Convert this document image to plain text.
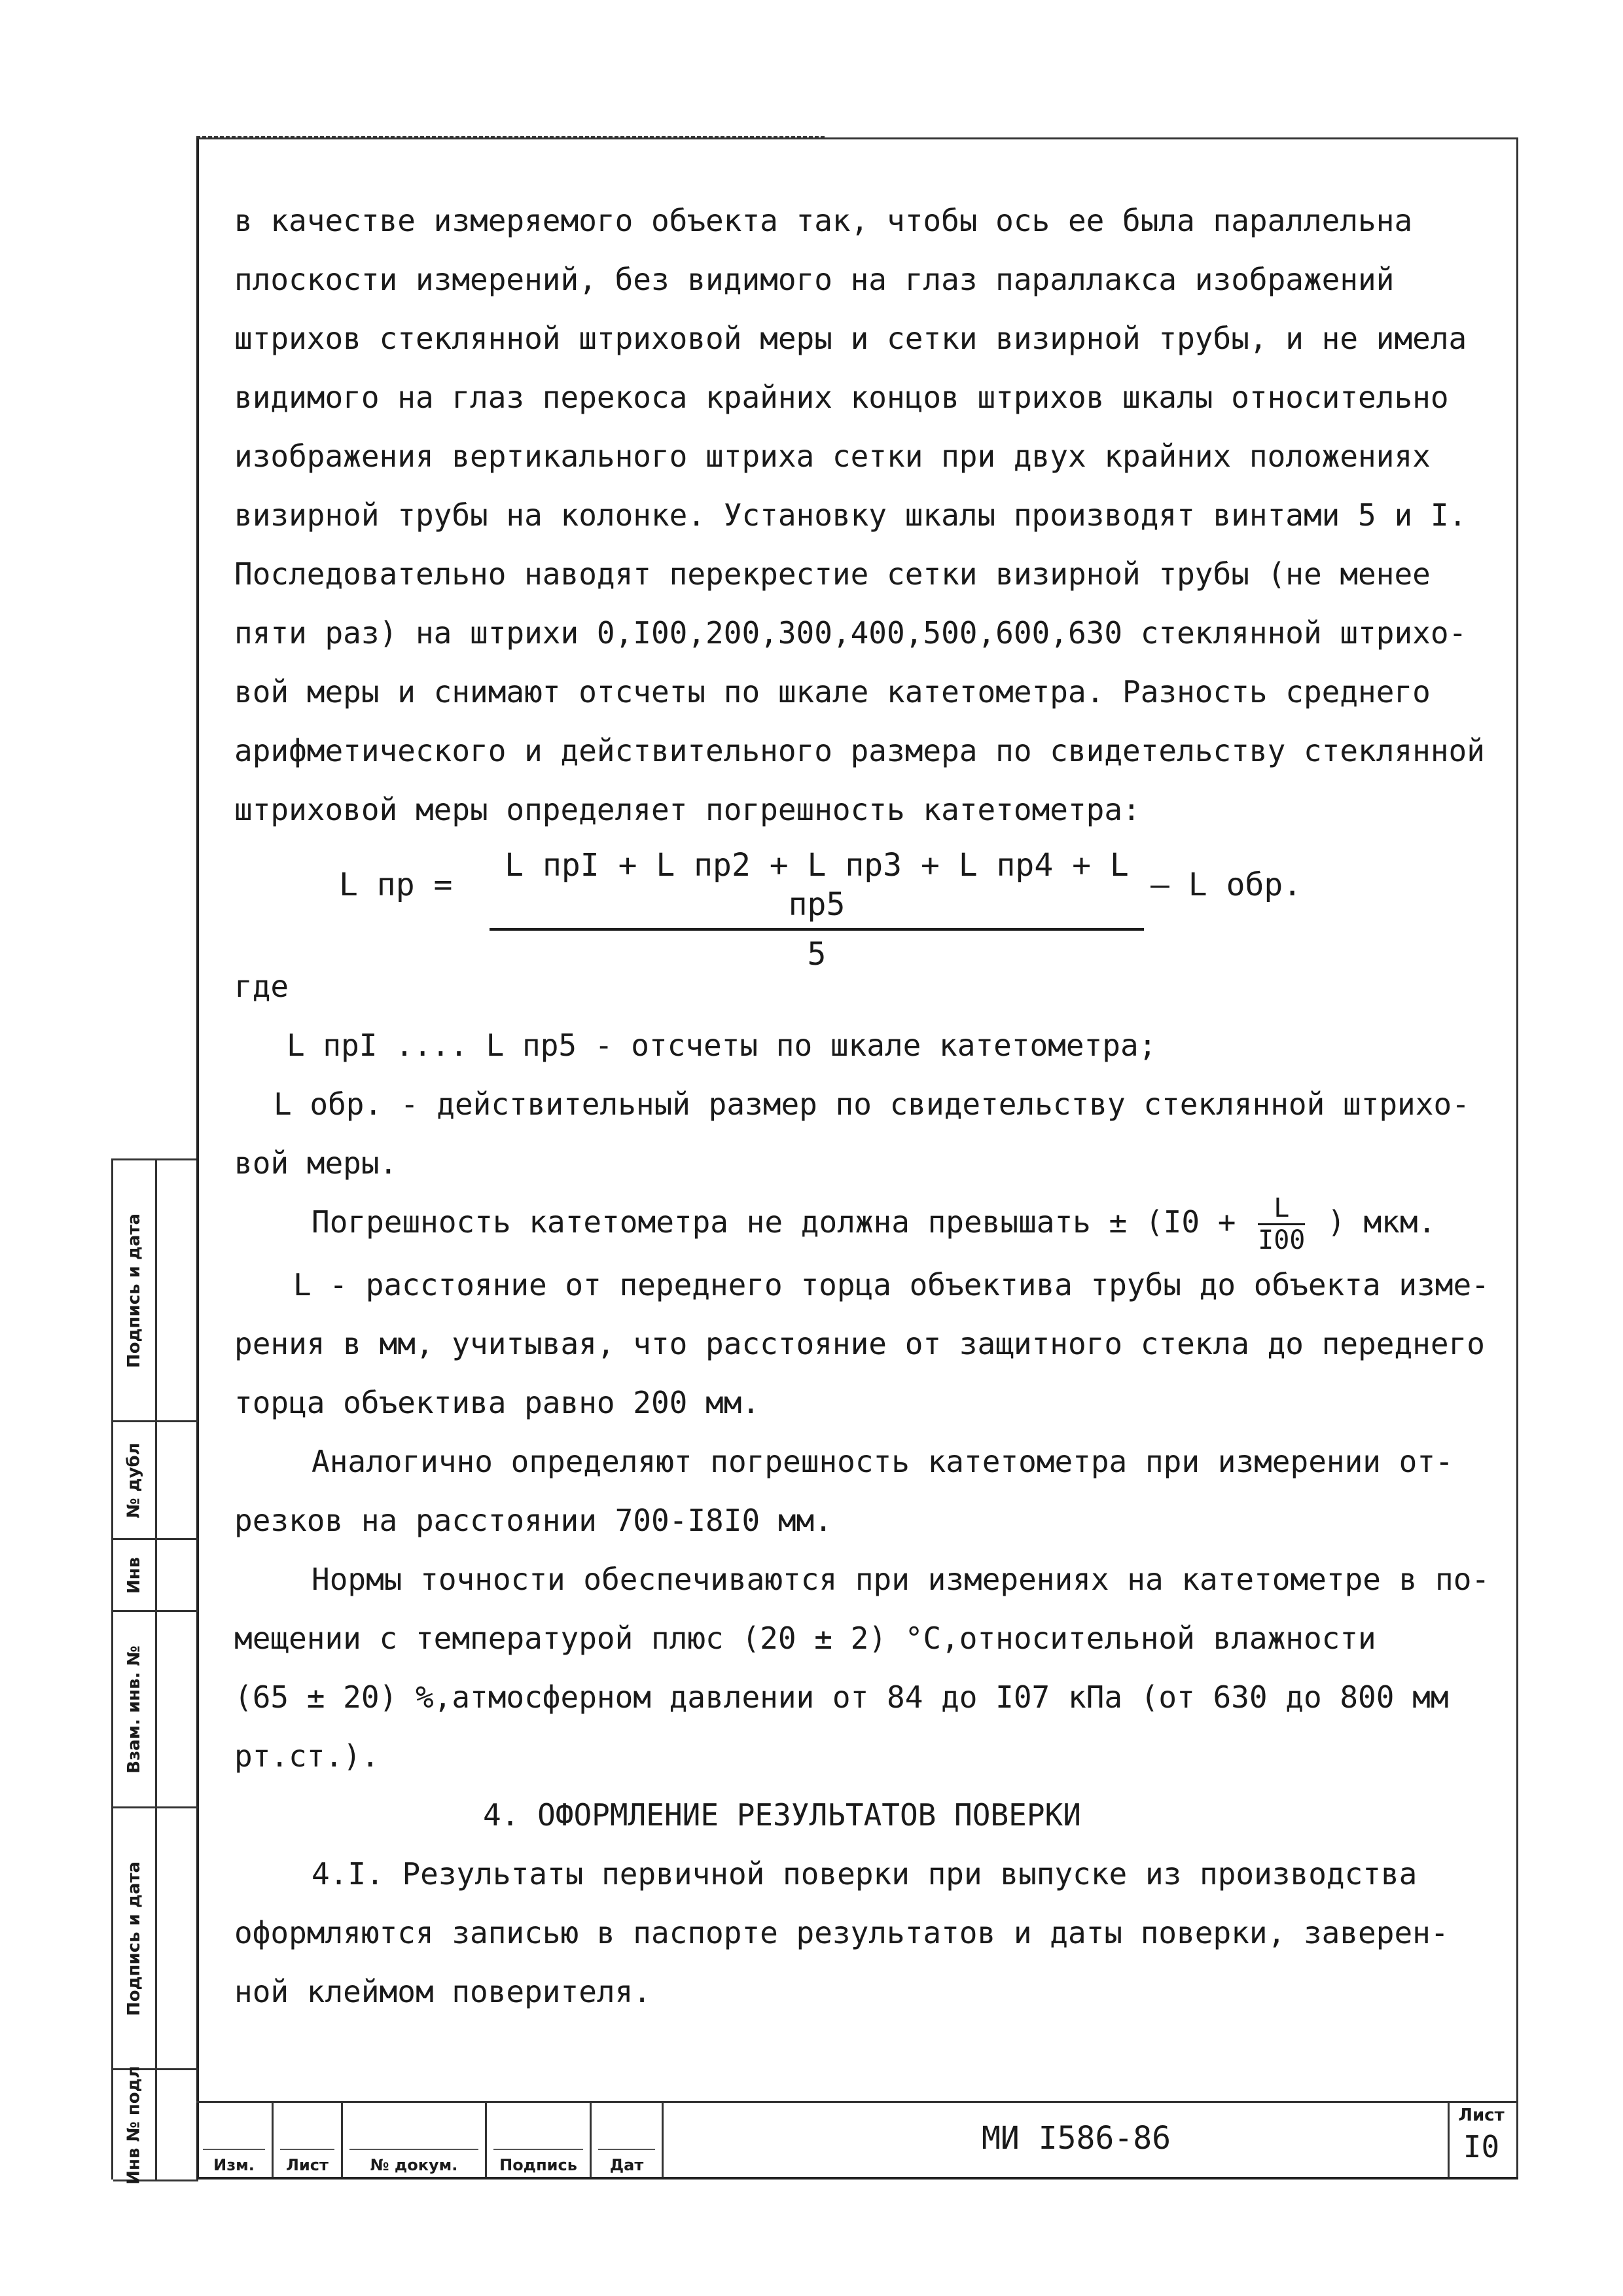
в качестве измеряемого объекта так, чтобы ось ее была параллельна

плоскости измерений, без видимого на глаз параллакса изображений

штрихов стеклянной штриховой меры и сетки визирной трубы, и не имела

видимого на глаз перекоса крайних концов штрихов шкалы относительно

изображения вертикального штриха сетки при двух крайних положениях

визирной трубы на колонке. Установку шкалы производят винтами 5 и I.

Последовательно наводят перекрестие сетки визирной трубы (не менее

пяти раз) на штрихи 0,I00,200,300,400,500,600,630 стеклянной штрихо-

вой меры и снимают отсчеты по шкале катетометра. Разность среднего

арифметического и действительного размера по свидетельству стеклянной

штриховой меры определяет погрешность катетометра:

L пр =
L прI + L пр2 + L пр3 + L пр4 + L пр5
5
– L обр.

где

L прI .... L пр5 - отсчеты по шкале катетометра;

L обр. - действительный размер по свидетельству стеклянной штрихо-

вой меры.

Погрешность катетометра не должна превышать ± ($I0 + \frac{L}{I00}$ ) мкм.

L - расстояние от переднего торца объектива трубы до объекта изме-

рения в мм, учитывая, что расстояние от защитного стекла до переднего

торца объектива равно 200 мм.

Аналогично определяют погрешность катетометра при измерении от-

резков на расстоянии 700-I8I0 мм.

Нормы точности обеспечиваются при измерениях на катетометре в по-

мещении с температурой плюс (20 ± 2) °С,относительной влажности

(65 ± 20) %,атмосферном давлении от 84 до I07 кПа (от 630 до 800 мм

рт.ст.).

4. ОФОРМЛЕНИЕ РЕЗУЛЬТАТОВ ПОВЕРКИ

4.I. Результаты первичной поверки при выпуске из производства

оформляются записью в паспорте результатов и даты поверки, заверен-

ной клеймом поверителя.

Подпись и дата
№ дубл
Инв
Взам. инв. №
Подпись и дата
Инв № подл	Изм.	Лист	№ докум.	Подпись	Дат
МИ I586-86
Лист
I0
